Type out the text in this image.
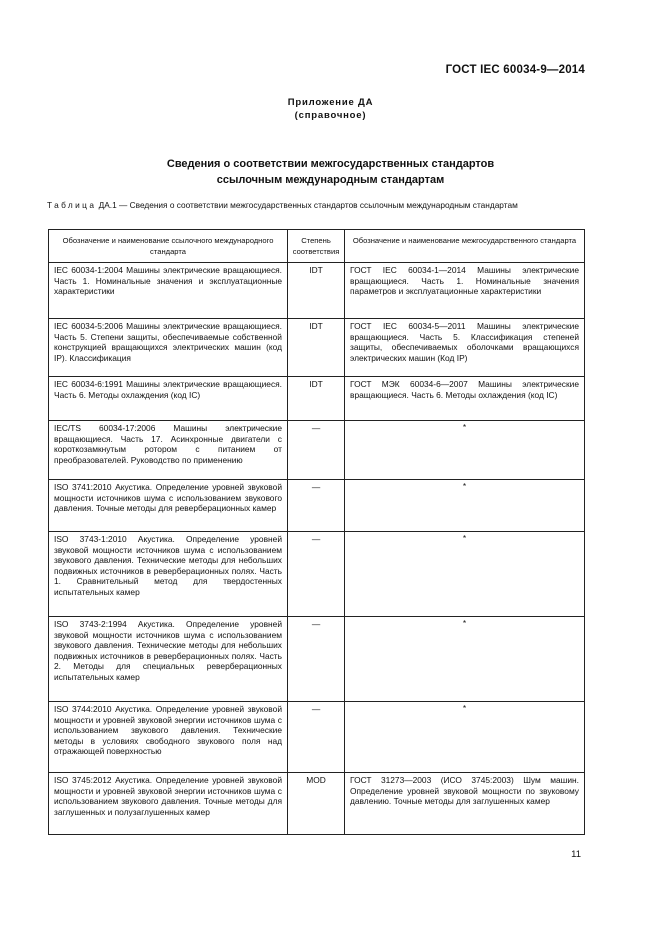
ГОСТ IEC 60034-9—2014
Приложение ДА
(справочное)
Сведения о соответствии межгосударственных стандартов
ссылочным международным стандартам
Таблица ДА.1 — Сведения о соответствии межгосударственных стандартов ссылочным международным стандартам
Обозначение и наименование ссылочного международного стандарта	Степень соответствия	Обозначение и наименование межгосударственного стандарта
IEC 60034-1:2004 Машины электрические вращающиеся. Часть 1. Номинальные значения и эксплуатационные характеристики	IDT	ГОСТ IEC 60034-1—2014 Машины электрические вращающиеся. Часть 1. Номинальные значения параметров и эксплуатационные характеристики
IEC 60034-5:2006 Машины электрические вращающиеся. Часть 5. Степени защиты, обеспечиваемые собственной конструкцией вращающихся электрических машин (код IP). Классификация	IDT	ГОСТ IEC 60034-5—2011 Машины электрические вращающиеся. Часть 5. Классификация степеней защиты, обеспечиваемых оболочками вращающихся электрических машин (Код IP)
IEC 60034-6:1991 Машины электрические вращающиеся. Часть 6. Методы охлаждения (код IC)	IDT	ГОСТ МЭК 60034-6—2007 Машины электрические вращающиеся. Часть 6. Методы охлаждения (код IC)
IEC/TS 60034-17:2006 Машины электрические вращающиеся. Часть 17. Асинхронные двигатели с короткозамкнутым ротором с питанием от преобразователей. Руководство по применению	—	*
ISO 3741:2010 Акустика. Определение уровней звуковой мощности источников шума с использованием звукового давления. Точные методы для реверберационных камер	—	*
ISO 3743-1:2010 Акустика. Определение уровней звуковой мощности источников шума с использованием звукового давления. Технические методы для небольших подвижных источников в реверберационных полях. Часть 1. Сравнительный метод для твердостенных испытательных камер	—	*
ISO 3743-2:1994 Акустика. Определение уровней звуковой мощности источников шума с использованием звукового давления. Технические методы для небольших подвижных источников в реверберационных полях. Часть 2. Методы для специальных реверберационных испытательных камер	—	*
ISO 3744:2010 Акустика. Определение уровней звуковой мощности и уровней звуковой энергии источников шума с использованием звукового давления. Технические методы в условиях свободного звукового поля над отражающей поверхностью	—	*
ISO 3745:2012 Акустика. Определение уровней звуковой мощности и уровней звуковой энергии источников шума с использованием звукового давления. Точные методы для заглушенных и полузаглушенных камер	MOD	ГОСТ 31273—2003 (ИСО 3745:2003) Шум машин. Определение уровней звуковой мощности по звуковому давлению. Точные методы для заглушенных камер
11
